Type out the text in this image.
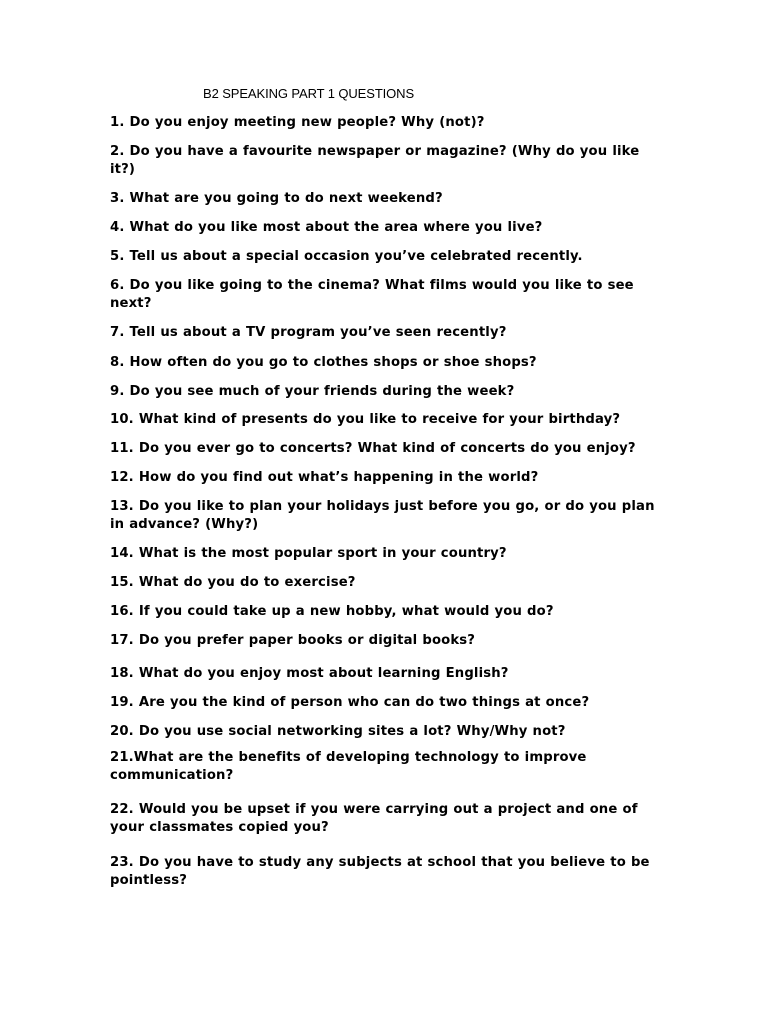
B2 SPEAKING PART 1 QUESTIONS
1. Do you enjoy meeting new people? Why (not)?
2. Do you have a favourite newspaper or magazine? (Why do you like it?)
3. What are you going to do next weekend?
4. What do you like most about the area where you live?
5. Tell us about a special occasion you’ve celebrated recently.
6. Do you like going to the cinema? What films would you like to see next?
7. Tell us about a TV program you’ve seen recently?
8. How often do you go to clothes shops or shoe shops?
9. Do you see much of your friends during the week?
10. What kind of presents do you like to receive for your birthday?
11. Do you ever go to concerts? What kind of concerts do you enjoy?
12. How do you find out what’s happening in the world?
13. Do you like to plan your holidays just before you go, or do you plan in advance? (Why?)
14. What is the most popular sport in your country?
15. What do you do to exercise?
16. If you could take up a new hobby, what would you do?
17. Do you prefer paper books or digital books?
18. What do you enjoy most about learning English?
19. Are you the kind of person who can do two things at once?
20. Do you use social networking sites a lot? Why/Why not?
21.What are the benefits of developing technology to improve communication?
22. Would you be upset if you were carrying out a project and one of your classmates copied you?
23. Do you have to study any subjects at school that you believe to be pointless?
